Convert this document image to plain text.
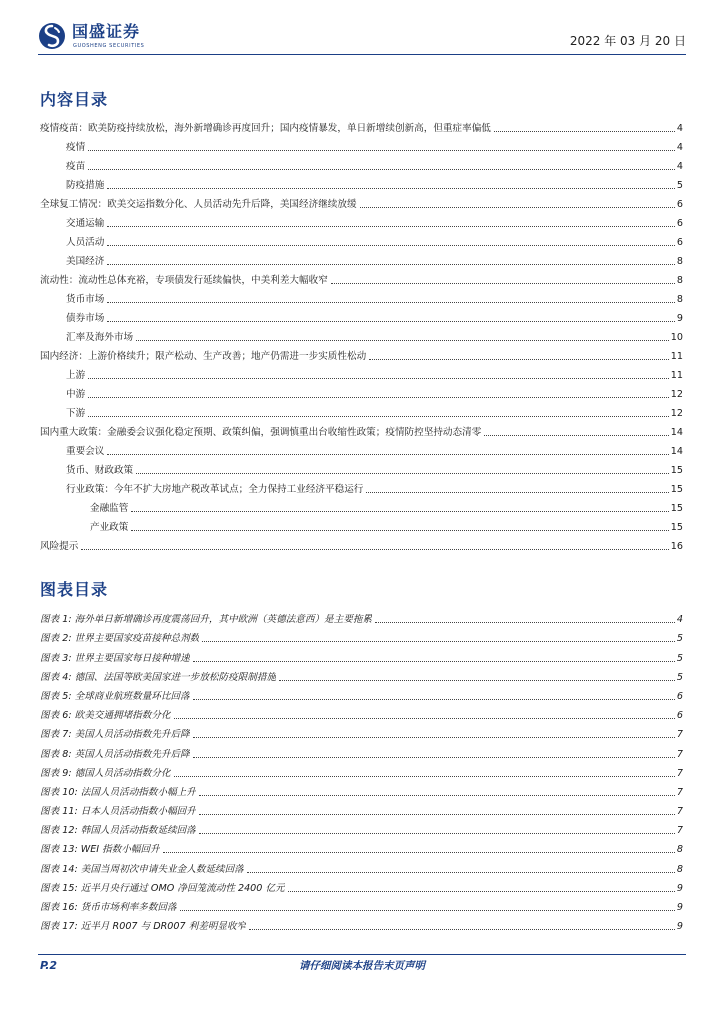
国盛证券
GUOSHENG SECURITIES	2022 年 03 月 20 日
内容目录
疫情疫苗：欧美防疫持续放松，海外新增确诊再度回升；国内疫情暴发，单日新增续创新高，但重症率偏低	4
疫情	4
疫苗	4
防疫措施	5
全球复工情况：欧美交运指数分化、人员活动先升后降，美国经济继续放缓	6
交通运输	6
人员活动	6
美国经济	8
流动性：流动性总体充裕，专项债发行延续偏快，中美利差大幅收窄	8
货币市场	8
债券市场	9
汇率及海外市场	10
国内经济：上游价格续升；限产松动、生产改善；地产仍需进一步实质性松动	11
上游	11
中游	12
下游	12
国内重大政策：金融委会议强化稳定预期、政策纠偏，强调慎重出台收缩性政策；疫情防控坚持动态清零	14
重要会议	14
货币、财政政策	15
行业政策：今年不扩大房地产税改革试点；全力保持工业经济平稳运行	15
金融监管	15
产业政策	15
风险提示	16
图表目录
图表 1: 海外单日新增确诊再度震荡回升，其中欧洲（英德法意西）是主要拖累	4
图表 2: 世界主要国家疫苗接种总剂数	5
图表 3: 世界主要国家每日接种增速	5
图表 4: 德国、法国等欧美国家进一步放松防疫限制措施	5
图表 5: 全球商业航班数量环比回落	6
图表 6: 欧美交通拥堵指数分化	6
图表 7: 美国人员活动指数先升后降	7
图表 8: 英国人员活动指数先升后降	7
图表 9: 德国人员活动指数分化	7
图表 10: 法国人员活动指数小幅上升	7
图表 11: 日本人员活动指数小幅回升	7
图表 12: 韩国人员活动指数延续回落	7
图表 13: WEI 指数小幅回升	8
图表 14: 美国当周初次申请失业金人数延续回落	8
图表 15: 近半月央行通过 OMO 净回笼流动性 2400 亿元	9
图表 16: 货币市场利率多数回落	9
图表 17: 近半月 R007 与 DR007 利差明显收窄	9
P.2	请仔细阅读本报告末页声明
